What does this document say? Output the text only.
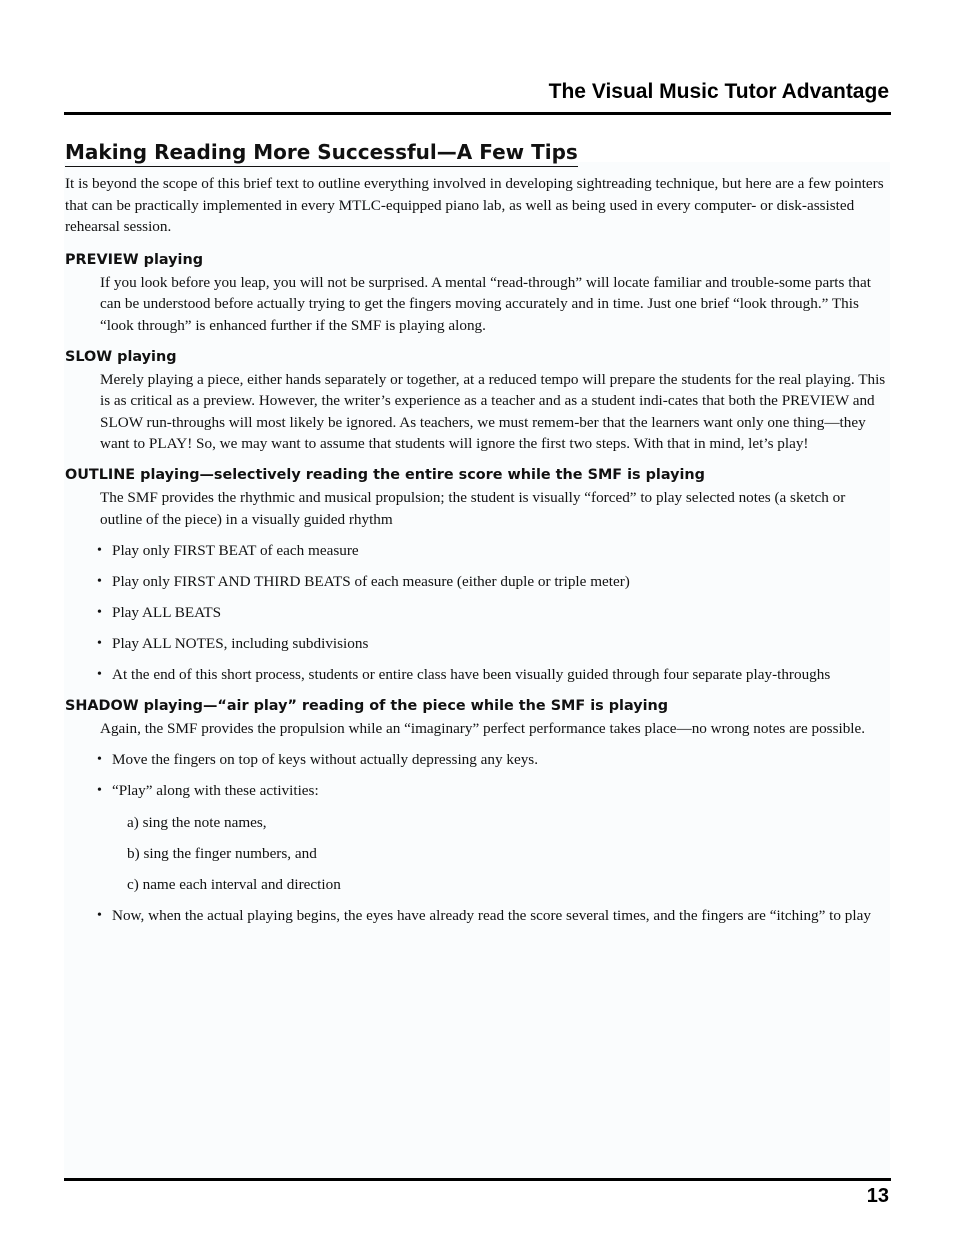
The Visual Music Tutor Advantage
Making Reading More Successful—A Few Tips

It is beyond the scope of this brief text to outline everything involved in developing sightreading technique, but here are a few pointers that can be practically implemented in every MTLC-equipped piano lab, as well as being used in every computer- or disk-assisted rehearsal session.

PREVIEW playing

If you look before you leap, you will not be surprised. A mental “read-through” will locate familiar and trouble-some parts that can be understood before actually trying to get the fingers moving accurately and in time. Just one brief “look through.” This “look through” is enhanced further if the SMF is playing along.

SLOW playing

Merely playing a piece, either hands separately or together, at a reduced tempo will prepare the students for the real playing. This is as critical as a preview. However, the writer’s experience as a teacher and as a student indi-cates that both the PREVIEW and SLOW run-throughs will most likely be ignored. As teachers, we must remem-ber that the learners want only one thing—they want to PLAY! So, we may want to assume that students will ignore the first two steps. With that in mind, let’s play!

OUTLINE playing—selectively reading the entire score while the SMF is playing

The SMF provides the rhythmic and musical propulsion; the student is visually “forced” to play selected notes (a sketch or outline of the piece) in a visually guided rhythm

• Play only FIRST BEAT of each measure
• Play only FIRST AND THIRD BEATS of each measure (either duple or triple meter)
• Play ALL BEATS
• Play ALL NOTES, including subdivisions
• At the end of this short process, students or entire class have been visually guided through four separate play-throughs
SHADOW playing—“air play” reading of the piece while the SMF is playing

Again, the SMF provides the propulsion while an “imaginary” perfect performance takes place—no wrong notes are possible.

• Move the fingers on top of keys without actually depressing any keys.
• “Play” along with these activities:
a) sing the note names,
b) sing the finger numbers, and
c) name each interval and direction
• Now, when the actual playing begins, the eyes have already read the score several times, and the fingers are “itching” to play
13
